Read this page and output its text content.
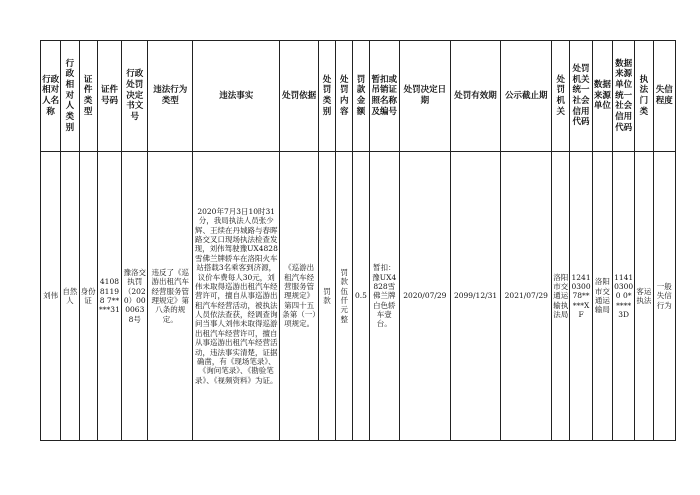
行政相对人名称	行政相对人类别	证件类型	证件号码	行政处罚决定书文号	违法行为类型	违法事实	处罚依据	处罚类别	处罚内容	罚款金额	暂扣或吊销证照名称及编号	处罚决定日期	处罚有效期	公示截止期	处罚机关	处罚机关统一社会信用代码	数据来源单位	数据来源单位统一社会信用代码	执法门类	失信程度
刘伟	自然人	身份证	410881198 7*****31	豫洛交执罚（2020）0000638号	违反了《巡游出租汽车经营服务管理规定》第八条的规定。	2020年7月3日10时31分，我局执法人员张少辉、王续在丹城路与春晖路交叉口现场执法检查发现，刘伟驾驶豫UX4828雪佛兰牌轿车在洛阳火车站搭载3名乘客到济源，议价车费每人30元，刘伟未取得巡游出租汽车经营许可，擅自从事巡游出租汽车经营活动，被执法人员依法查获，经调查询问当事人刘伟未取得巡游出租汽车经营许可，擅自从事巡游出租汽车经营活动，违法事实清楚，证据确凿，有《现场笔录》、《询问笔录》、《勘验笔录》、《视频资料》为证。	《巡游出租汽车经营服务管理规定》第四十五条第（一）项规定。	罚款	罚款伍仟元整	0.5	暂扣：豫UX4828雪佛兰牌白色轿车壹台。	2020/07/29	2099/12/31	2021/07/29	洛阳市交通运输执法局	12410300 78*****XF	洛阳市交通运输局	114103000 0*****3D	客运执法	一般失信行为
